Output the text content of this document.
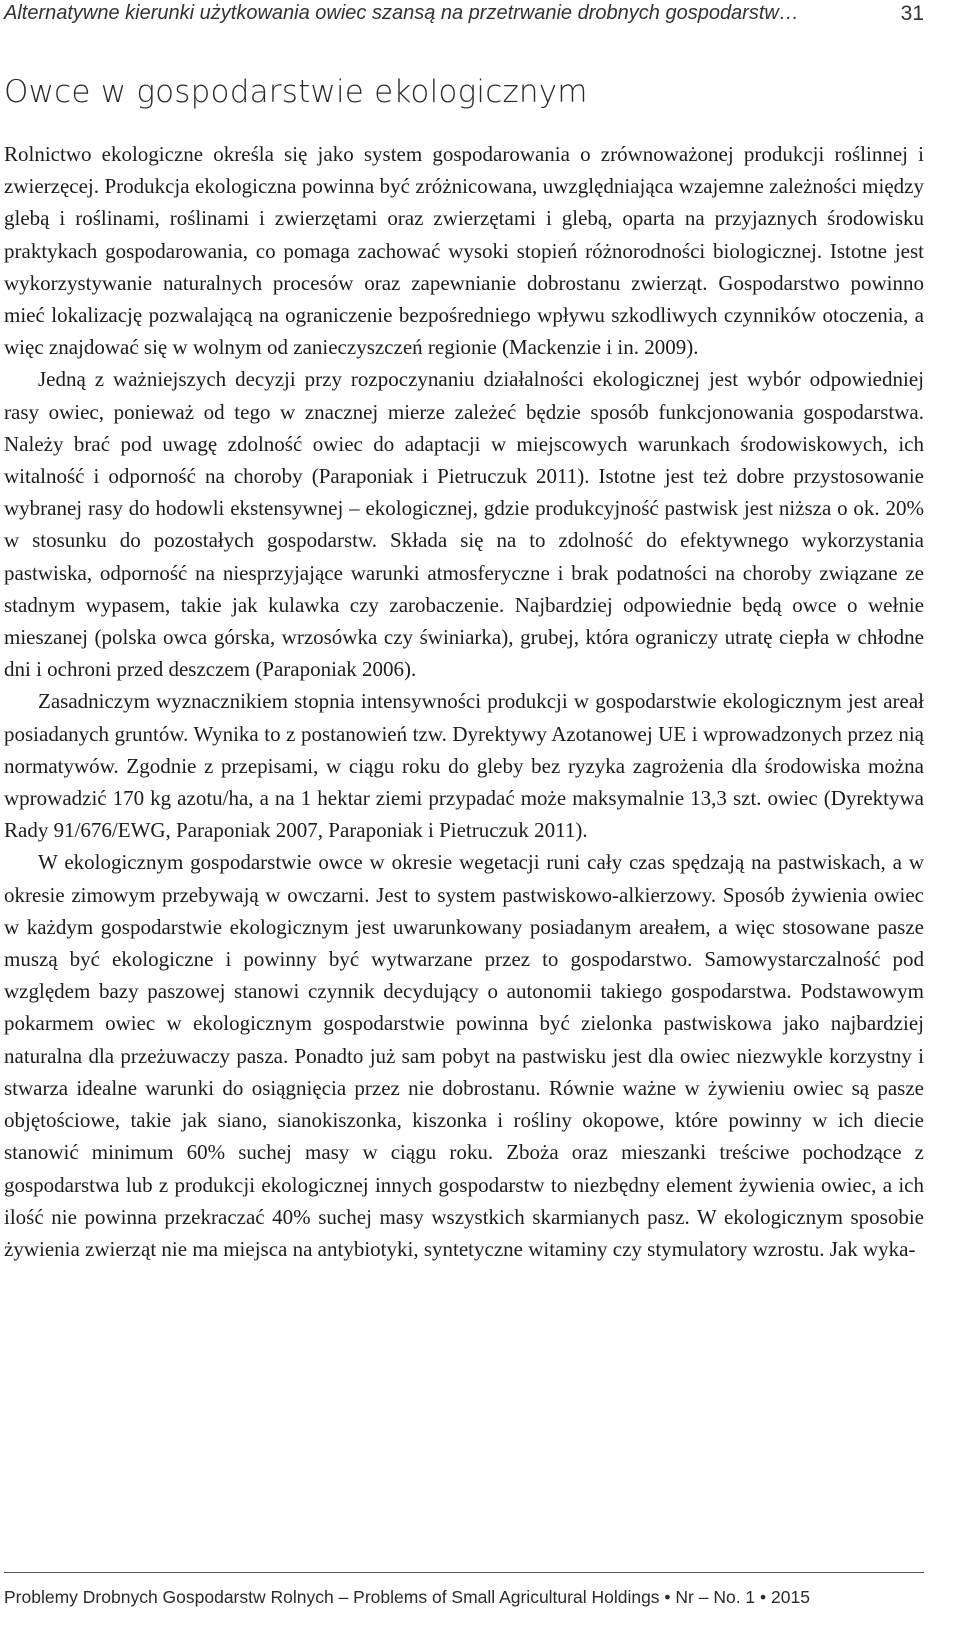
Alternatywne kierunki użytkowania owiec szansą na przetrwanie drobnych gospodarstw…	31
Owce w gospodarstwie ekologicznym

Rolnictwo ekologiczne określa się jako system gospodarowania o zrównoważonej produkcji roślinnej i zwierzęcej. Produkcja ekologiczna powinna być zróżnicowana, uwzględniająca wzajemne zależności między glebą i roślinami, roślinami i zwierzętami oraz zwierzętami i glebą, oparta na przyjaznych środowisku praktykach gospodarowania, co pomaga zachować wysoki stopień różnorodności biologicznej. Istotne jest wykorzystywanie naturalnych procesów oraz zapewnianie dobrostanu zwierząt. Gospodarstwo powinno mieć lokalizację pozwalającą na ograniczenie bezpośredniego wpływu szkodliwych czynników otoczenia, a więc znajdować się w wolnym od zanieczyszczeń regionie (Mackenzie i in. 2009).

Jedną z ważniejszych decyzji przy rozpoczynaniu działalności ekologicznej jest wybór odpowiedniej rasy owiec, ponieważ od tego w znacznej mierze zależeć będzie sposób funkcjonowania gospodarstwa. Należy brać pod uwagę zdolność owiec do adaptacji w miejscowych warunkach środowiskowych, ich witalność i odporność na choroby (Paraponiak i Pietruczuk 2011). Istotne jest też dobre przystosowanie wybranej rasy do hodowli ekstensywnej – ekologicznej, gdzie produkcyjność pastwisk jest niższa o ok. 20% w stosunku do pozostałych gospodarstw. Składa się na to zdolność do efektywnego wykorzystania pastwiska, odporność na niesprzyjające warunki atmosferyczne i brak podatności na choroby związane ze stadnym wypasem, takie jak kulawka czy zarobaczenie. Najbardziej odpowiednie będą owce o wełnie mieszanej (polska owca górska, wrzosówka czy świniarka), grubej, która ograniczy utratę ciepła w chłodne dni i ochroni przed deszczem (Paraponiak 2006).

Zasadniczym wyznacznikiem stopnia intensywności produkcji w gospodarstwie ekologicznym jest areał posiadanych gruntów. Wynika to z postanowień tzw. Dyrektywy Azotanowej UE i wprowadzonych przez nią normatywów. Zgodnie z przepisami, w ciągu roku do gleby bez ryzyka zagrożenia dla środowiska można wprowadzić 170 kg azotu/ha, a na 1 hektar ziemi przypadać może maksymalnie 13,3 szt. owiec (Dyrektywa Rady 91/676/EWG, Paraponiak 2007, Paraponiak i Pietruczuk 2011).

W ekologicznym gospodarstwie owce w okresie wegetacji runi cały czas spędzają na pastwiskach, a w okresie zimowym przebywają w owczarni. Jest to system pastwiskowo-alkierzowy. Sposób żywienia owiec w każdym gospodarstwie ekologicznym jest uwarunkowany posiadanym areałem, a więc stosowane pasze muszą być ekologiczne i powinny być wytwarzane przez to gospodarstwo. Samowystarczalność pod względem bazy paszowej stanowi czynnik decydujący o autonomii takiego gospodarstwa. Podstawowym pokarmem owiec w ekologicznym gospodarstwie powinna być zielonka pastwiskowa jako najbardziej naturalna dla przeżuwaczy pasza. Ponadto już sam pobyt na pastwisku jest dla owiec niezwykle korzystny i stwarza idealne warunki do osiągnięcia przez nie dobrostanu. Równie ważne w żywieniu owiec są pasze objętościowe, takie jak siano, sianokiszonka, kiszonka i rośliny okopowe, które powinny w ich diecie stanowić minimum 60% suchej masy w ciągu roku. Zboża oraz mieszanki treściwe pochodzące z gospodarstwa lub z produkcji ekologicznej innych gospodarstw to niezbędny element żywienia owiec, a ich ilość nie powinna przekraczać 40% suchej masy wszystkich skarmianych pasz. W ekologicznym sposobie żywienia zwierząt nie ma miejsca na antybiotyki, syntetyczne witaminy czy stymulatory wzrostu. Jak wyka-

Problemy Drobnych Gospodarstw Rolnych – Problems of Small Agricultural Holdings • Nr – No. 1 • 2015
